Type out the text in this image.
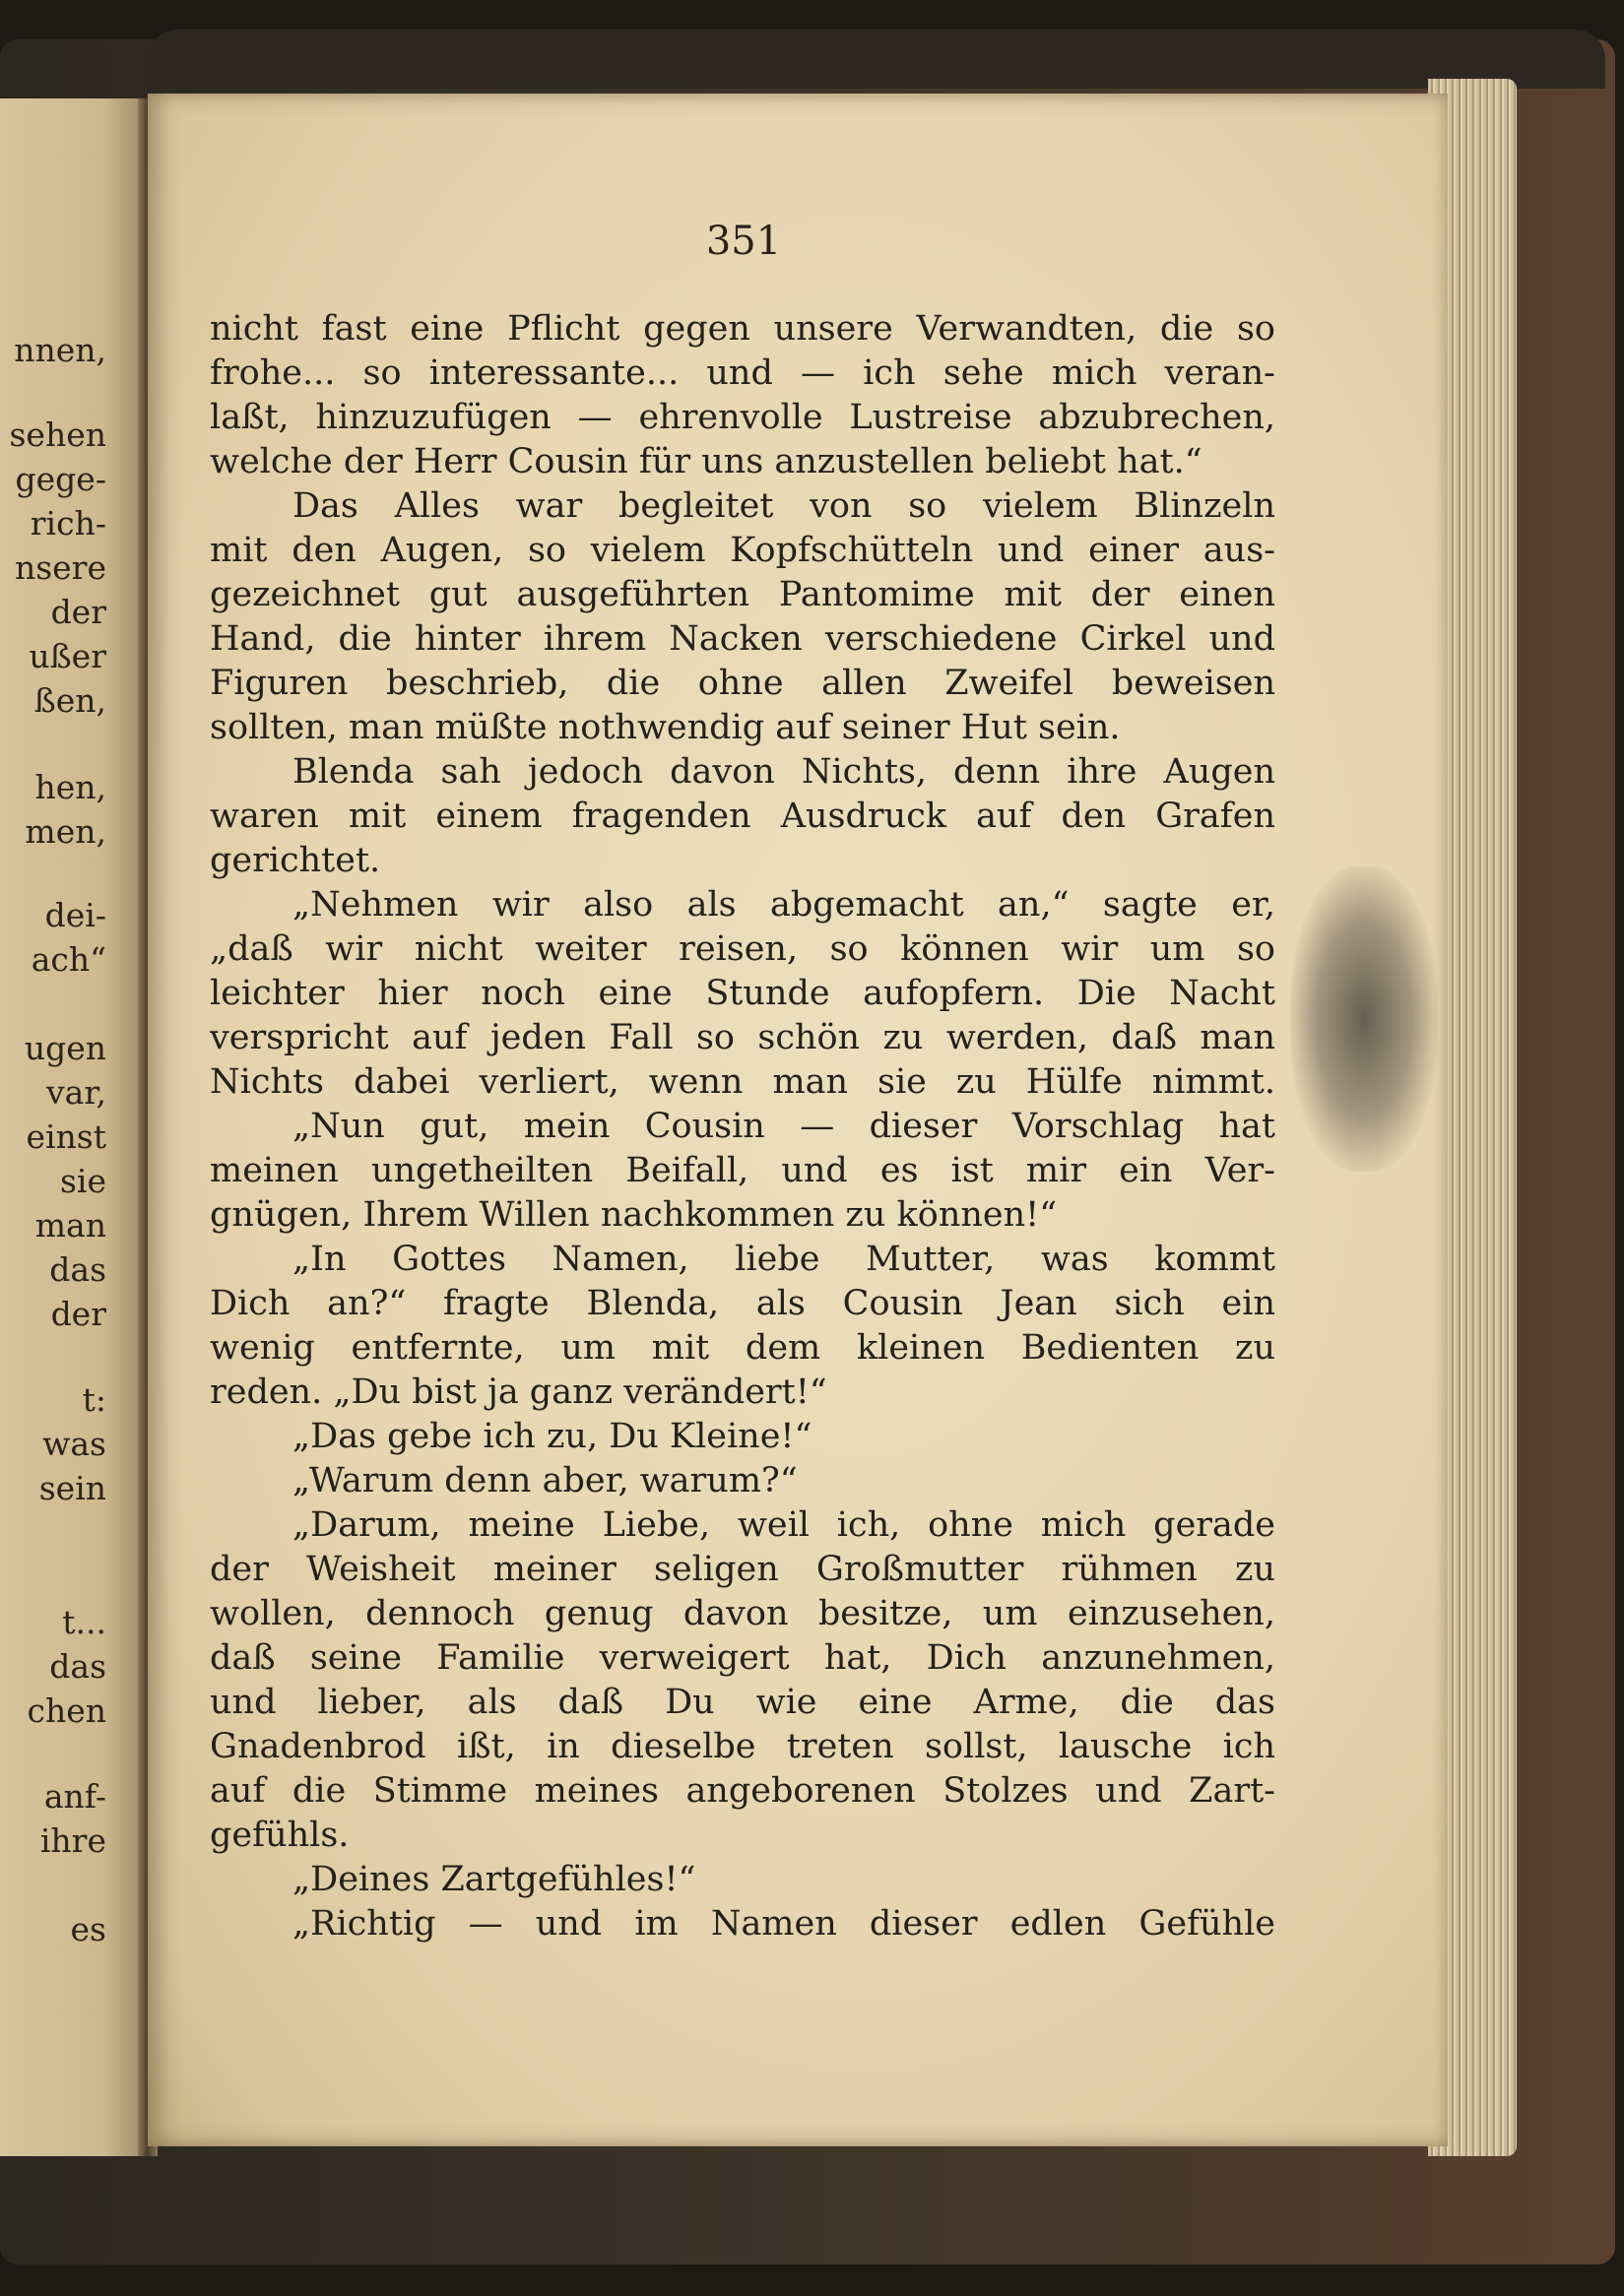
nnen,
sehen
gege-
rich-
nsere
der
ußer
ßen,
hen,
men,
dei-
ach“
ugen
var,
einst
sie
man
das
der
t:
was
sein
t...
das
chen
anf-
ihre
es
351
nicht fast eine Pflicht gegen unsere Verwandten, die so
frohe... so interessante... und — ich sehe mich veran-
laßt, hinzuzufügen — ehrenvolle Lustreise abzubrechen,
welche der Herr Cousin für uns anzustellen beliebt hat.“
Das Alles war begleitet von so vielem Blinzeln
mit den Augen, so vielem Kopfschütteln und einer aus-
gezeichnet gut ausgeführten Pantomime mit der einen
Hand, die hinter ihrem Nacken verschiedene Cirkel und
Figuren beschrieb, die ohne allen Zweifel beweisen
sollten, man müßte nothwendig auf seiner Hut sein.
Blenda sah jedoch davon Nichts, denn ihre Augen
waren mit einem fragenden Ausdruck auf den Grafen
gerichtet.
„Nehmen wir also als abgemacht an,“ sagte er,
„daß wir nicht weiter reisen, so können wir um so
leichter hier noch eine Stunde aufopfern. Die Nacht
verspricht auf jeden Fall so schön zu werden, daß man
Nichts dabei verliert, wenn man sie zu Hülfe nimmt.
„Nun gut, mein Cousin — dieser Vorschlag hat
meinen ungetheilten Beifall, und es ist mir ein Ver-
gnügen, Ihrem Willen nachkommen zu können!“
„In Gottes Namen, liebe Mutter, was kommt
Dich an?“ fragte Blenda, als Cousin Jean sich ein
wenig entfernte, um mit dem kleinen Bedienten zu
reden. „Du bist ja ganz verändert!“
„Das gebe ich zu, Du Kleine!“
„Warum denn aber, warum?“
„Darum, meine Liebe, weil ich, ohne mich gerade
der Weisheit meiner seligen Großmutter rühmen zu
wollen, dennoch genug davon besitze, um einzusehen,
daß seine Familie verweigert hat, Dich anzunehmen,
und lieber, als daß Du wie eine Arme, die das
Gnadenbrod ißt, in dieselbe treten sollst, lausche ich
auf die Stimme meines angeborenen Stolzes und Zart-
gefühls.
„Deines Zartgefühles!“
„Richtig — und im Namen dieser edlen Gefühle
